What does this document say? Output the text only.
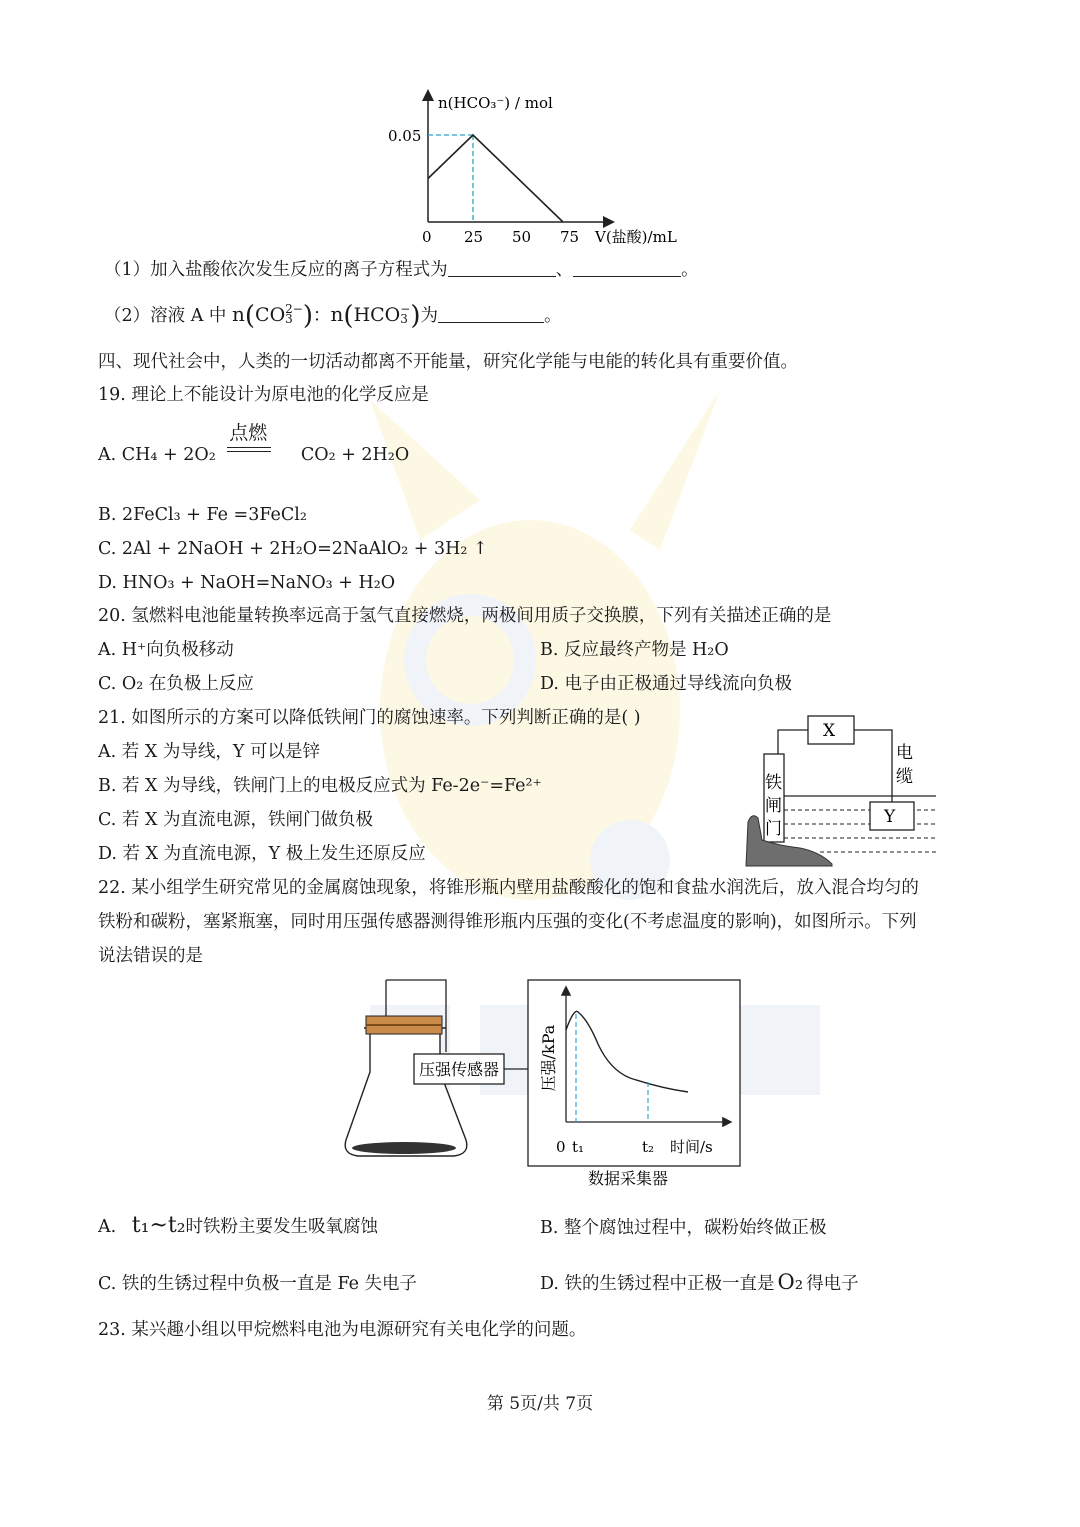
n(HCO₃⁻) / mol
0.05
0 25 50 75 V(盐酸)/mL
（1）加入盐酸依次发生反应的离子方程式为	、	。
（2）溶液 A 中 n(CO 2−
3 )：n(HCO −
3 )为	。
四、现代社会中，人类的一切活动都离不开能量，研究化学能与电能的转化具有重要价值。
19. 理论上不能设计为原电池的化学反应是
A. CH₄ + 2O₂
点燃
CO₂ + 2H₂O
B. 2FeCl₃ + Fe =3FeCl₂
C. 2Al + 2NaOH + 2H₂O=2NaAlO₂ + 3H₂ ↑
D. HNO₃ + NaOH=NaNO₃ + H₂O
20. 氢燃料电池能量转换率远高于氢气直接燃烧，两极间用质子交换膜，下列有关描述正确的是
A. H⁺向负极移动	B. 反应最终产物是 H₂O
C. O₂ 在负极上反应	D. 电子由正极通过导线流向负极
21. 如图所示的方案可以降低铁闸门的腐蚀速率。下列判断正确的是( )
A. 若 X 为导线，Y 可以是锌
B. 若 X 为导线，铁闸门上的电极反应式为 Fe-2e⁻=Fe²⁺
C. 若 X 为直流电源，铁闸门做负极
D. 若 X 为直流电源，Y 极上发生还原反应
X
铁
闸
门
电
缆
Y
22. 某小组学生研究常见的金属腐蚀现象，将锥形瓶内壁用盐酸酸化的饱和食盐水润洗后，放入混合均匀的
铁粉和碳粉，塞紧瓶塞，同时用压强传感器测得锥形瓶内压强的变化(不考虑温度的影响)，如图所示。下列
说法错误的是
压强传感器 压强/kPa
0 t₁	t₂ 时间/s
数据采集器
A. t₁~t₂时铁粉主要发生吸氧腐蚀	B. 整个腐蚀过程中，碳粉始终做正极
C. 铁的生锈过程中负极一直是 Fe 失电子	D. 铁的生锈过程中正极一直是 O₂ 得电子
23. 某兴趣小组以甲烷燃料电池为电源研究有关电化学的问题。
第 5页/共 7页
